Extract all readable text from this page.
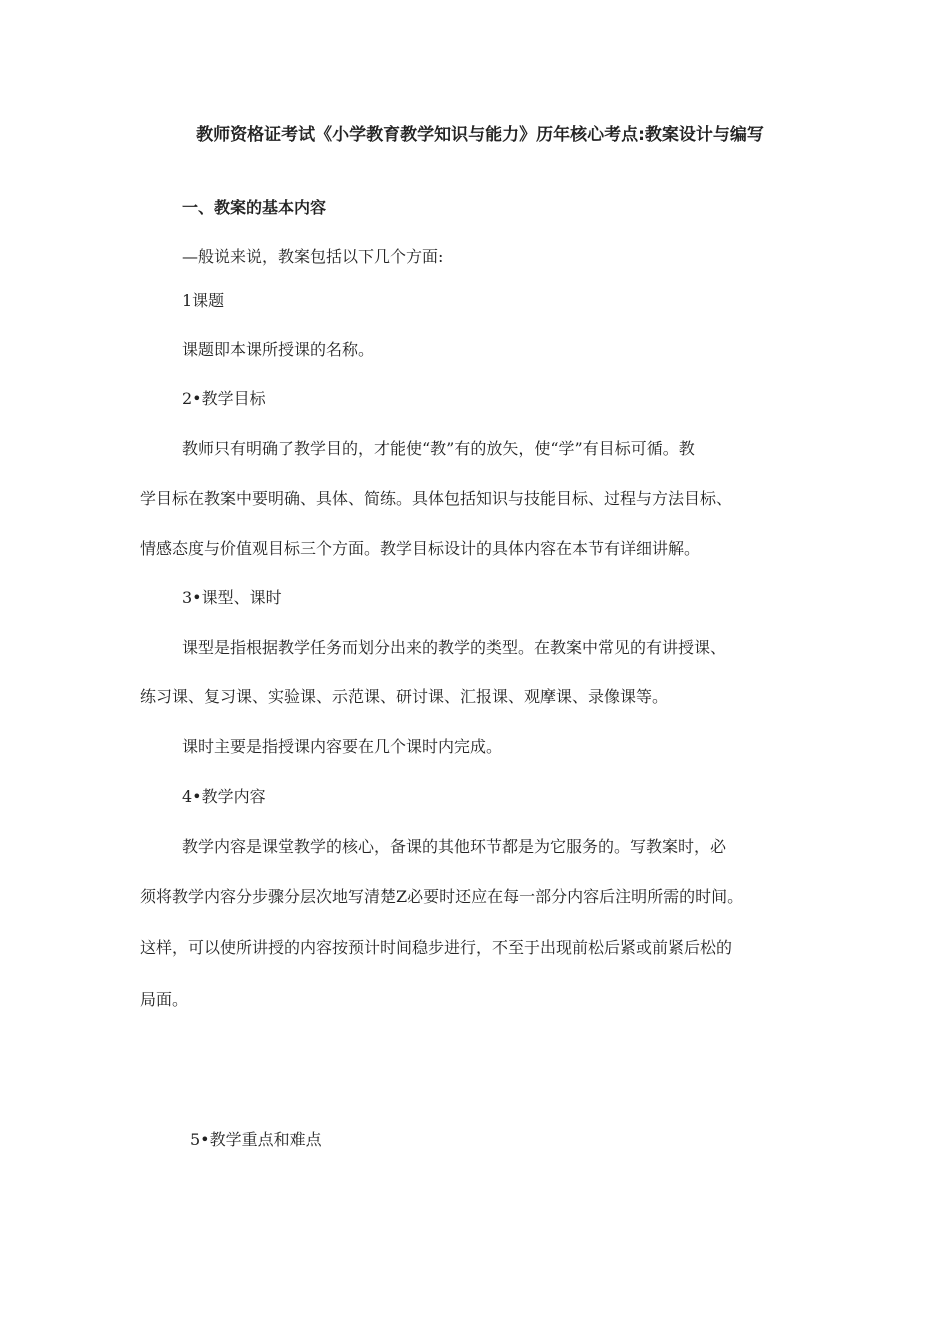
教师资格证考试《小学教育教学知识与能力》历年核心考点:教案设计与编写
一、教案的基本内容
—般说来说，教案包括以下几个方面:
1课题
课题即本课所授课的名称。
2•教学目标
教师只有明确了教学目的，才能使“教”有的放矢，使“学”有目标可循。教
学目标在教案中要明确、具体、简练。具体包括知识与技能目标、过程与方法目标、
情感态度与价值观目标三个方面。教学目标设计的具体内容在本节有详细讲解。
3•课型、课时
课型是指根据教学任务而划分出来的教学的类型。在教案中常见的有讲授课、
练习课、复习课、实验课、示范课、研讨课、汇报课、观摩课、录像课等。
课时主要是指授课内容要在几个课时内完成。
4•教学内容
教学内容是课堂教学的核心，备课的其他环节都是为它服务的。写教案时，必
须将教学内容分步骤分层次地写清楚Z必要时还应在每一部分内容后注明所需的时间。
这样，可以使所讲授的内容按预计时间稳步进行，不至于出现前松后紧或前紧后松的
局面。
5•教学重点和难点
